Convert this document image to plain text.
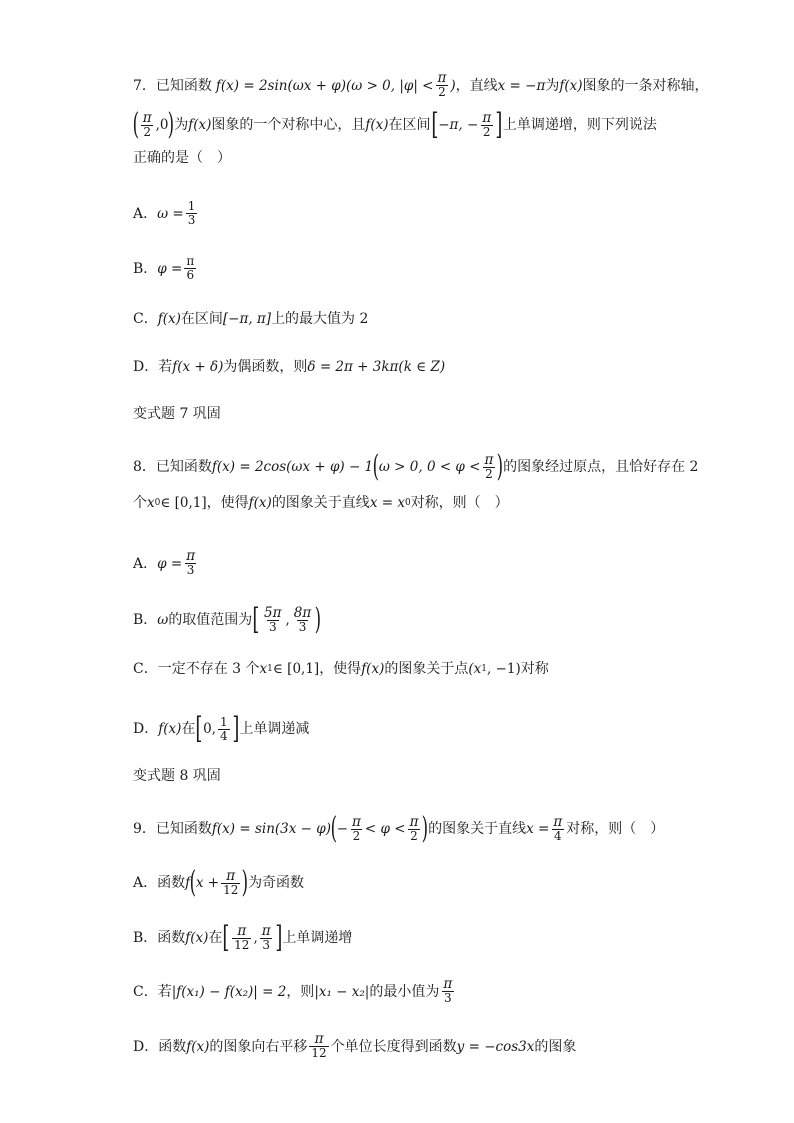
7．已知函数 f(x) = 2sin(ωx + φ) (ω > 0, $|\varphi| < \frac{\pi}{2}$ ) ，直线 x = −π 为 f(x) 图象的一条对称轴，
( $\frac{\pi}{2} ,0$ ) 为 f(x) 图象的一个对称中心，且 f(x) 在区间 [ −π, − $\frac{\pi}{2}$ ] 上单调递增，则下列说法
正确的是（　）
A． $\omega = \frac{1}{3}$
B． $\varphi = \frac{\pi}{6}$
C． f(x) 在区间 [−π, π] 上的最大值为 2
D．若 f(x + δ) 为偶函数，则 δ = 2π + 3kπ(k ∈ Z)
变式题 7 巩固
8．已知函数 f(x) = 2cos(ωx + φ) − 1 ( ω > 0, $0 < \varphi < \frac{\pi}{2}$ ) 的图象经过原点，且恰好存在 2
个 x 0 ∈ [0,1] ，使得 f(x) 的图象关于直线 x = x 0 对称，则（　）
A． $\varphi = \frac{\pi}{3}$
B． ω 的取值范围为 [ $\frac{5\pi}{3}$ , $\frac{8\pi}{3}$ )
C．一定不存在 3 个 x 1 ∈ [0,1] ，使得 f(x) 的图象关于点 (x 1 , −1) 对称
D． f(x) 在 [ 0, $\frac{1}{4}$ ] 上单调递减
变式题 8 巩固
9．已知函数 f(x) = sin(3x − φ) ( − $\frac{\pi}{2} < \varphi < \frac{\pi}{2}$ ) 的图象关于直线 $x = \frac{\pi}{4}$ 对称，则（　）
A．函数 f ( $x + \frac{\pi}{12}$ ) 为奇函数
B．函数 f(x) 在 [ $\frac{\pi}{12}$ , $\frac{\pi}{3}$ ] 上单调递增
C．若 |f(x₁) − f(x₂)| = 2 ，则 |x₁ − x₂| 的最小值为 $\frac{\pi}{3}$
D．函数 f(x) 的图象向右平移 $\frac{\pi}{12}$ 个单位长度得到函数 y = −cos3x 的图象
